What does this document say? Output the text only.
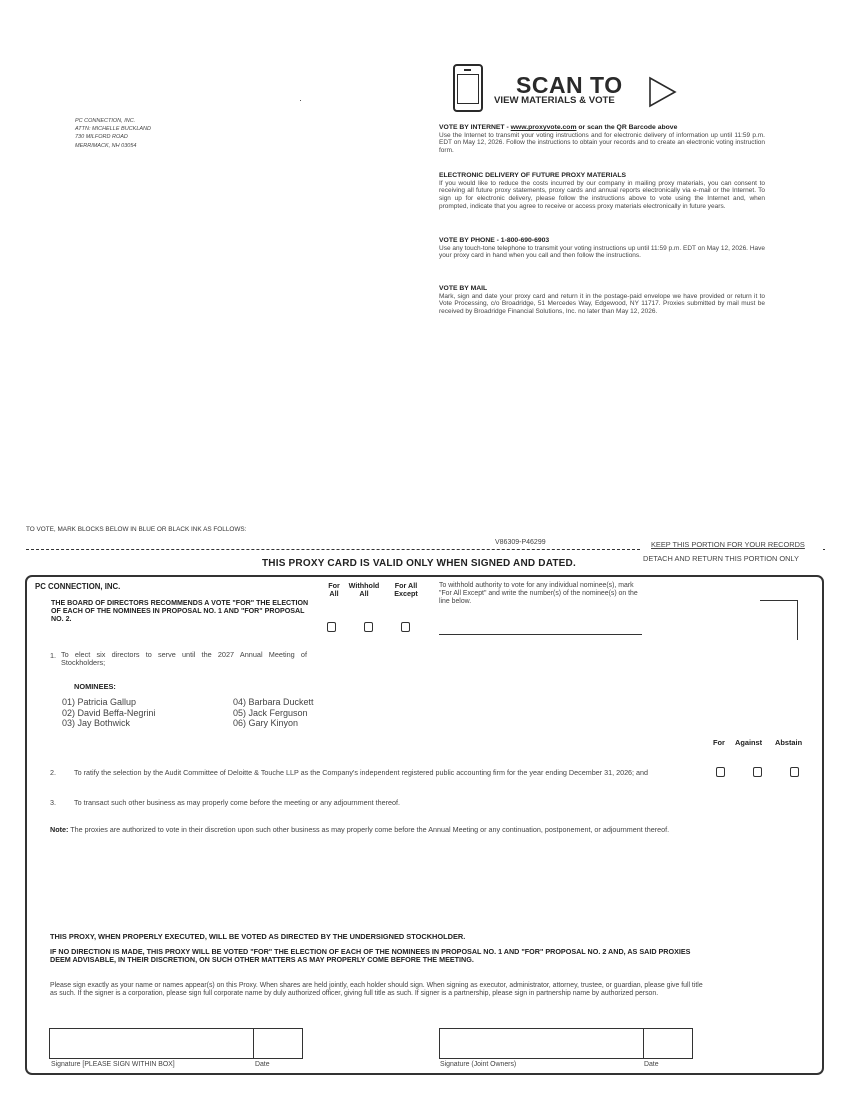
PC CONNECTION, INC.
ATTN: MICHELLE BUCKLAND
730 MILFORD ROAD
MERRIMACK, NH 03054
SCAN TO
VIEW MATERIALS & VOTE
VOTE BY INTERNET - www.proxyvote.com or scan the QR Barcode above
Use the Internet to transmit your voting instructions and for electronic delivery of information up until 11:59 p.m. EDT on May 12, 2026. Follow the instructions to obtain your records and to create an electronic voting instruction form.
ELECTRONIC DELIVERY OF FUTURE PROXY MATERIALS
If you would like to reduce the costs incurred by our company in mailing proxy materials, you can consent to receiving all future proxy statements, proxy cards and annual reports electronically via e-mail or the Internet. To sign up for electronic delivery, please follow the instructions above to vote using the Internet and, when prompted, indicate that you agree to receive or access proxy materials electronically in future years.
VOTE BY PHONE - 1-800-690-6903
Use any touch-tone telephone to transmit your voting instructions up until 11:59 p.m. EDT on May 12, 2026. Have your proxy card in hand when you call and then follow the instructions.
VOTE BY MAIL
Mark, sign and date your proxy card and return it in the postage-paid envelope we have provided or return it to Vote Processing, c/o Broadridge, 51 Mercedes Way, Edgewood, NY 11717. Proxies submitted by mail must be received by Broadridge Financial Solutions, Inc. no later than May 12, 2026.
TO VOTE, MARK BLOCKS BELOW IN BLUE OR BLACK INK AS FOLLOWS:
V86309-P46299	KEEP THIS PORTION FOR YOUR RECORDS
THIS PROXY CARD IS VALID ONLY WHEN SIGNED AND DATED.	DETACH AND RETURN THIS PORTION ONLY
PC CONNECTION, INC.
THE BOARD OF DIRECTORS RECOMMENDS A VOTE "FOR" THE ELECTION OF EACH OF THE NOMINEES IN PROPOSAL NO. 1 AND "FOR" PROPOSAL NO. 2.
For
All
Withhold
All
For All
Except
To withhold authority to vote for any individual nominee(s), mark "For All Except" and write the number(s) of the nominee(s) on the line below.
1. To elect six directors to serve until the 2027 Annual Meeting of Stockholders;
NOMINEES:
01) Patricia Gallup
02) David Beffa-Negrini
03) Jay Bothwick
04) Barbara Duckett
05) Jack Ferguson
06) Gary Kinyon
For Against Abstain
2.	To ratify the selection by the Audit Committee of Deloitte & Touche LLP as the Company's independent registered public accounting firm for the year ending December 31, 2026; and
3.	To transact such other business as may properly come before the meeting or any adjournment thereof.
Note: The proxies are authorized to vote in their discretion upon such other business as may properly come before the Annual Meeting or any continuation, postponement, or adjournment thereof.
THIS PROXY, WHEN PROPERLY EXECUTED, WILL BE VOTED AS DIRECTED BY THE UNDERSIGNED STOCKHOLDER.
IF NO DIRECTION IS MADE, THIS PROXY WILL BE VOTED "FOR" THE ELECTION OF EACH OF THE NOMINEES IN PROPOSAL NO. 1 AND "FOR" PROPOSAL NO. 2 AND, AS SAID PROXIES DEEM ADVISABLE, IN THEIR DISCRETION, ON SUCH OTHER MATTERS AS MAY PROPERLY COME BEFORE THE MEETING.
Please sign exactly as your name or names appear(s) on this Proxy. When shares are held jointly, each holder should sign. When signing as executor, administrator, attorney, trustee, or guardian, please give full title as such. If the signer is a corporation, please sign full corporate name by duly authorized officer, giving full title as such. If signer is a partnership, please sign in partnership name by authorized person.
Signature [PLEASE SIGN WITHIN BOX]	Date	Signature (Joint Owners)	Date
